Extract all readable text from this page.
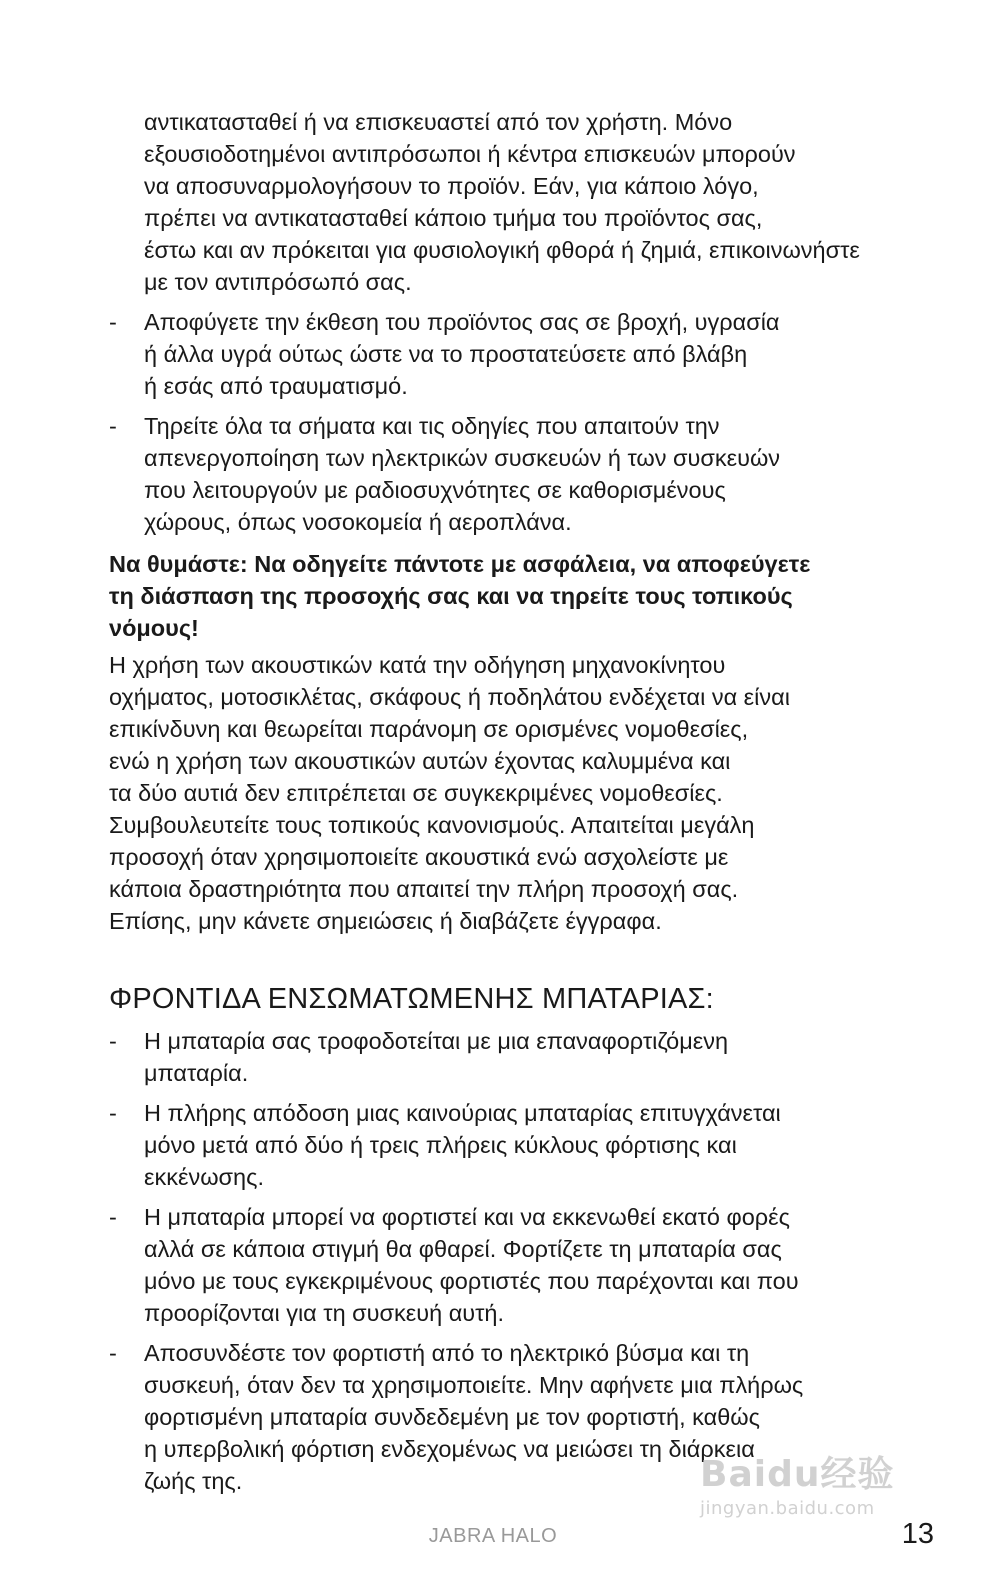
αντικατασταθεί ή να επισκευαστεί από τον χρήστη. Μόνο
εξουσιοδοτημένοι αντιπρόσωποι ή κέντρα επισκευών μπορούν
να αποσυναρμολογήσουν το προϊόν. Εάν, για κάποιο λόγο,
πρέπει να αντικατασταθεί κάποιο τμήμα του προϊόντος σας,
έστω και αν πρόκειται για φυσιολογική φθορά ή ζημιά, επικοινωνήστε
με τον αντιπρόσωπό σας.
- Αποφύγετε την έκθεση του προϊόντος σας σε βροχή, υγρασία
ή άλλα υγρά ούτως ώστε να το προστατεύσετε από βλάβη
ή εσάς από τραυματισμό.
- Τηρείτε όλα τα σήματα και τις οδηγίες που απαιτούν την
απενεργοποίηση των ηλεκτρικών συσκευών ή των συσκευών
που λειτουργούν με ραδιοσυχνότητες σε καθορισμένους
χώρους, όπως νοσοκομεία ή αεροπλάνα.
Να θυμάστε: Να οδηγείτε πάντοτε με ασφάλεια, να αποφεύγετε
τη διάσπαση της προσοχής σας και να τηρείτε τους τοπικούς
νόμους!
Η χρήση των ακουστικών κατά την οδήγηση μηχανοκίνητου
οχήματος, μοτοσικλέτας, σκάφους ή ποδηλάτου ενδέχεται να είναι
επικίνδυνη και θεωρείται παράνομη σε ορισμένες νομοθεσίες,
ενώ η χρήση των ακουστικών αυτών έχοντας καλυμμένα και
τα δύο αυτιά δεν επιτρέπεται σε συγκεκριμένες νομοθεσίες.
Συμβουλευτείτε τους τοπικούς κανονισμούς. Απαιτείται μεγάλη
προσοχή όταν χρησιμοποιείτε ακουστικά ενώ ασχολείστε με
κάποια δραστηριότητα που απαιτεί την πλήρη προσοχή σας.
Επίσης, μην κάνετε σημειώσεις ή διαβάζετε έγγραφα.
ΦΡΟΝΤΙΔΑ ΕΝΣΩΜΑΤΩΜΕΝΗΣ ΜΠΑΤΑΡΙΑΣ:
- Η μπαταρία σας τροφοδοτείται με μια επαναφορτιζόμενη
μπαταρία.
- Η πλήρης απόδοση μιας καινούριας μπαταρίας επιτυγχάνεται
μόνο μετά από δύο ή τρεις πλήρεις κύκλους φόρτισης και
εκκένωσης.
- Η μπαταρία μπορεί να φορτιστεί και να εκκενωθεί εκατό φορές
αλλά σε κάποια στιγμή θα φθαρεί. Φορτίζετε τη μπαταρία σας
μόνο με τους εγκεκριμένους φορτιστές που παρέχονται και που
προορίζονται για τη συσκευή αυτή.
- Αποσυνδέστε τον φορτιστή από το ηλεκτρικό βύσμα και τη
συσκευή, όταν δεν τα χρησιμοποιείτε. Μην αφήνετε μια πλήρως
φορτισμένη μπαταρία συνδεδεμένη με τον φορτιστή, καθώς
η υπερβολική φόρτιση ενδεχομένως να μειώσει τη διάρκεια
ζωής της.
JABRA HALO	13
Baidu经验
jingyan.baidu.com
